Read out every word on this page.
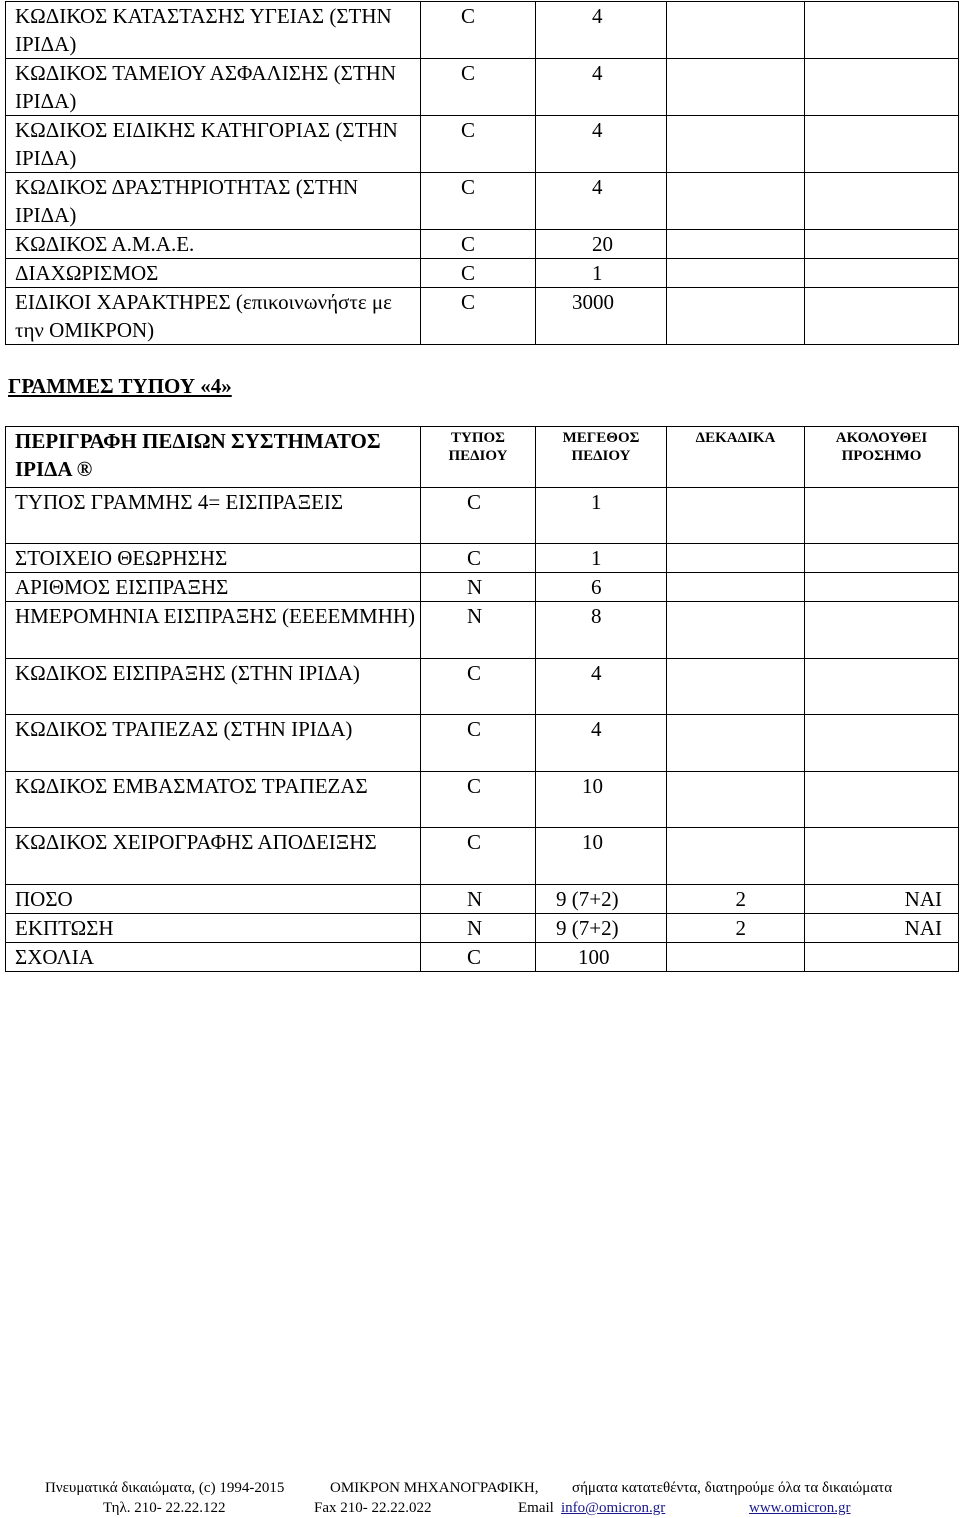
ΚΩΔΙΚΟΣ ΚΑΤΑΣΤΑΣΗΣ ΥΓΕΙΑΣ (ΣΤΗΝ ΙΡΙΔΑ)	C	4		
ΚΩΔΙΚΟΣ ΤΑΜΕΙΟΥ ΑΣΦΑΛΙΣΗΣ (ΣΤΗΝ ΙΡΙΔΑ)	C	4		
ΚΩΔΙΚΟΣ ΕΙΔΙΚΗΣ ΚΑΤΗΓΟΡΙΑΣ (ΣΤΗΝ ΙΡΙΔΑ)	C	4		
ΚΩΔΙΚΟΣ ΔΡΑΣΤΗΡΙΟΤΗΤΑΣ (ΣΤΗΝ ΙΡΙΔΑ)	C	4		
ΚΩΔΙΚΟΣ Α.Μ.Α.Ε.	C	20		
ΔΙΑΧΩΡΙΣΜΟΣ	C	1		
ΕΙΔΙΚΟΙ ΧΑΡΑΚΤΗΡΕΣ (επικοινωνήστε με την ΟΜΙΚΡΟΝ)	C	3000		
ΓΡΑΜΜΕΣ ΤΥΠΟΥ «4»
ΠΕΡΙΓΡΑΦΗ ΠΕΔΙΩΝ ΣΥΣΤΗΜΑΤΟΣ ΙΡΙΔΑ ®	ΤΥΠΟΣ ΠΕΔΙΟΥ	ΜΕΓΕΘΟΣ ΠΕΔΙΟΥ	ΔΕΚΑΔΙΚΑ	ΑΚΟΛΟΥΘΕΙ ΠΡΟΣΗΜΟ
ΤΥΠΟΣ ΓΡΑΜΜΗΣ 4= ΕΙΣΠΡΑΞΕΙΣ	C	1		
ΣΤΟΙΧΕΙΟ ΘΕΩΡΗΣΗΣ	C	1		
ΑΡΙΘΜΟΣ ΕΙΣΠΡΑΞΗΣ	N	6		
ΗΜΕΡΟΜΗΝΙΑ ΕΙΣΠΡΑΞΗΣ (ΕΕΕΕΜΜΗΗ)	N	8		
ΚΩΔΙΚΟΣ ΕΙΣΠΡΑΞΗΣ (ΣΤΗΝ ΙΡΙΔΑ)	C	4		
ΚΩΔΙΚΟΣ ΤΡΑΠΕΖΑΣ (ΣΤΗΝ ΙΡΙΔΑ)	C	4		
ΚΩΔΙΚΟΣ ΕΜΒΑΣΜΑΤΟΣ ΤΡΑΠΕΖΑΣ	C	10		
ΚΩΔΙΚΟΣ ΧΕΙΡΟΓΡΑΦΗΣ ΑΠΟΔΕΙΞΗΣ	C	10		
ΠΟΣΟ	N	9 (7+2)	2	ΝΑΙ
ΕΚΠΤΩΣΗ	N	9 (7+2)	2	ΝΑΙ
ΣΧΟΛΙΑ	C	100		
Πνευματικά δικαιώματα, (c) 1994-2015	ΟΜΙΚΡΟΝ ΜΗΧΑΝΟΓΡΑΦΙΚΗ, σήματα κατατεθέντα, διατηρούμε όλα τα δικαιώματα
Τηλ. 210- 22.22.122	Fax 210- 22.22.022	Email info@omicron.gr	www.omicron.gr
